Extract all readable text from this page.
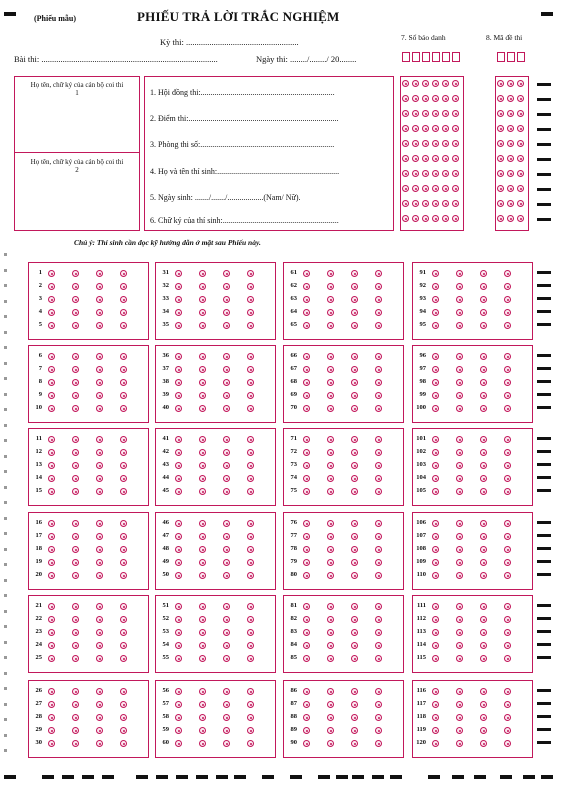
(Phiếu mẫu)	PHIẾU TRẢ LỜI TRẮC NGHIỆM
Kỳ thi: .....................................................
Bài thi: ...................................................................................	Ngày thi: ......../......../ 20........
7. Số báo danh	8. Mã đề thi
Họ tên, chữ ký của cán bộ coi thi 1
Họ tên, chữ ký của cán bộ coi thi 2
1. Hội đồng thi:...................................................................
2. Điểm thi:...........................................................................
3. Phòng thi số:...................................................................
4. Họ và tên thí sinh:.............................................................
5. Ngày sinh: ......./......./..................(Nam/ Nữ).
6. Chữ ký của thí sinh:..........................................................
Chú ý: Thí sinh cần đọc kỹ hướng dẫn ở mặt sau Phiếu này.
1
2
3
4
5
6
7
8
9
10
11
12
13
14
15
16
17
18
19
20
21
22
23
24
25
26
27
28
29
30
31
32
33
34
35
36
37
38
39
40
41
42
43
44
45
46
47
48
49
50
51
52
53
54
55
56
57
58
59
60
61
62
63
64
65
66
67
68
69
70
71
72
73
74
75
76
77
78
79
80
81
82
83
84
85
86
87
88
89
90
91
92
93
94
95
96
97
98
99
100
101
102
103
104
105
106
107
108
109
110
111
112
113
114
115
116
117
118
119
120
